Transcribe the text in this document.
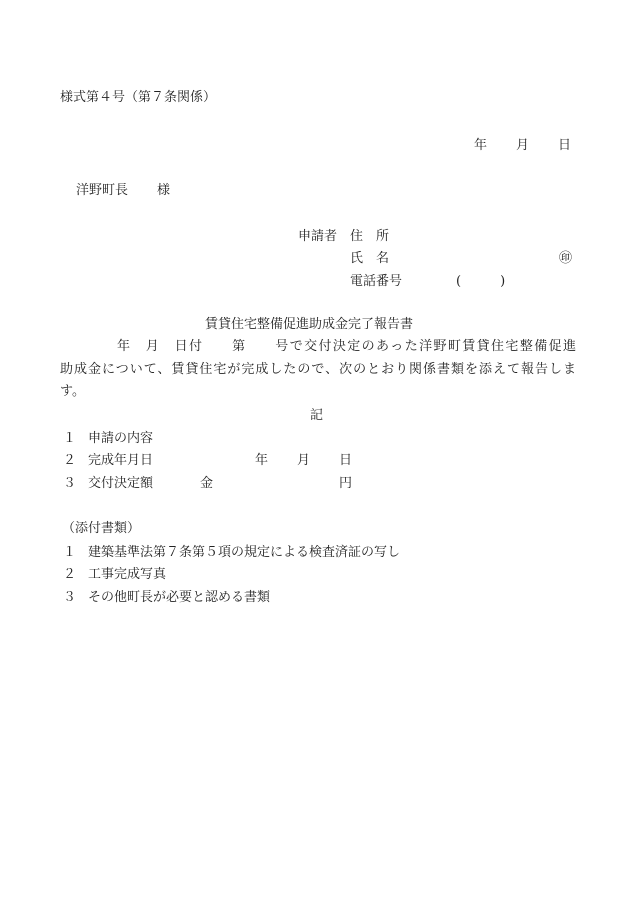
様式第４号（第７条関係）

年 月 日

洋野町長 様

申請者 住　所

氏　名	㊞

電話番号	(　　　)

賃貸住宅整備促進助成金完了報告書

年　月　日付　　第　　号で交付決定のあった洋野町賃貸住宅整備促進

助成金について、賃貸住宅が完成したので、次のとおり関係書類を添えて報告しま

す。

記

１ 申請の内容

２ 完成年月日	年 月 日

３ 交付決定額	金	円

（添付書類）

１ 建築基準法第７条第５項の規定による検査済証の写し

２ 工事完成写真

３ その他町長が必要と認める書類
